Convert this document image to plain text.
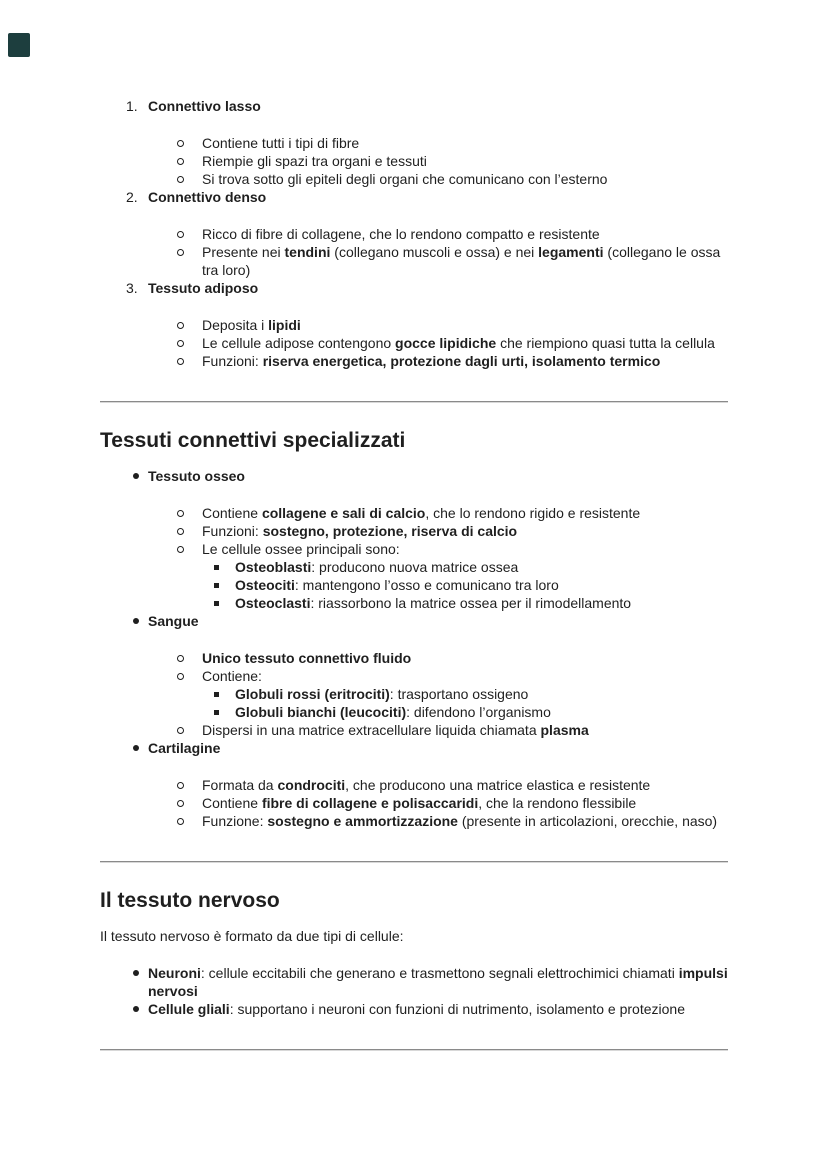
1. Connettivo lasso
Contiene tutti i tipi di fibre
Riempie gli spazi tra organi e tessuti
Si trova sotto gli epiteli degli organi che comunicano con l’esterno
2. Connettivo denso
Ricco di fibre di collagene, che lo rendono compatto e resistente
Presente nei tendini (collegano muscoli e ossa) e nei legamenti (collegano le ossa tra loro)
3. Tessuto adiposo
Deposita i lipidi
Le cellule adipose contengono gocce lipidiche che riempiono quasi tutta la cellula
Funzioni: riserva energetica, protezione dagli urti, isolamento termico
Tessuti connettivi specializzati
Tessuto osseo
Contiene collagene e sali di calcio, che lo rendono rigido e resistente
Funzioni: sostegno, protezione, riserva di calcio
Le cellule ossee principali sono:
Osteoblasti: producono nuova matrice ossea
Osteociti: mantengono l’osso e comunicano tra loro
Osteoclasti: riassorbono la matrice ossea per il rimodellamento
Sangue
Unico tessuto connettivo fluido
Contiene:
Globuli rossi (eritrociti): trasportano ossigeno
Globuli bianchi (leucociti): difendono l’organismo
Dispersi in una matrice extracellulare liquida chiamata plasma
Cartilagine
Formata da condrociti, che producono una matrice elastica e resistente
Contiene fibre di collagene e polisaccaridi, che la rendono flessibile
Funzione: sostegno e ammortizzazione (presente in articolazioni, orecchie, naso)
Il tessuto nervoso

Il tessuto nervoso è formato da due tipi di cellule:

Neuroni: cellule eccitabili che generano e trasmettono segnali elettrochimici chiamati impulsi nervosi
Cellule gliali: supportano i neuroni con funzioni di nutrimento, isolamento e protezione
